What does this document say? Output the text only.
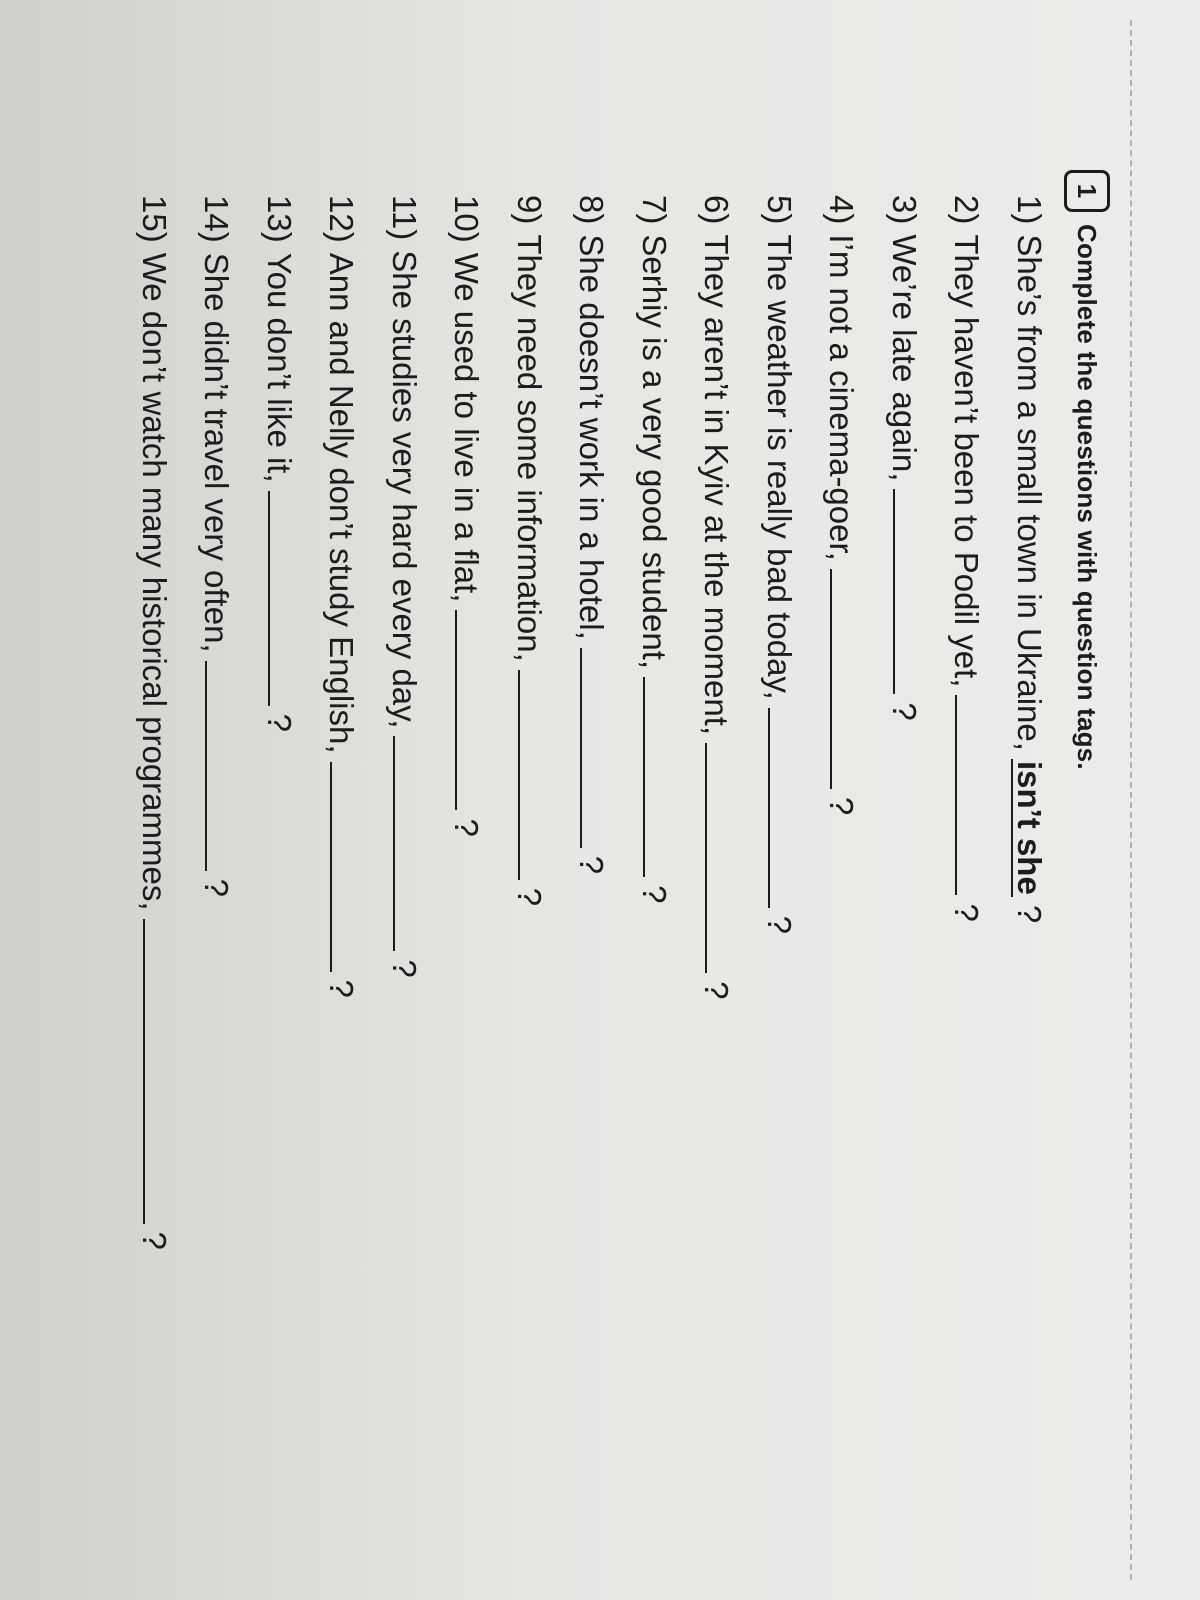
1
Complete the questions with question tags.
1)
She’s from a small town in Ukraine,
isn’t she
?
2)
They haven’t been to Podil yet,
?
3)
We’re late again,
?
4)
I’m not a cinema-goer,
?
5)
The weather is really bad today,
?
6)
They aren’t in Kyiv at the moment,
?
7)
Serhiy is a very good student,
?
8)
She doesn’t work in a hotel,
?
9)
They need some information,
?
10)
We used to live in a flat,
?
11)
She studies very hard every day,
?
12)
Ann and Nelly don’t study English,
?
13)
You don’t like it,
?
14)
She didn’t travel very often,
?
15)
We don’t watch many historical programmes,
?
